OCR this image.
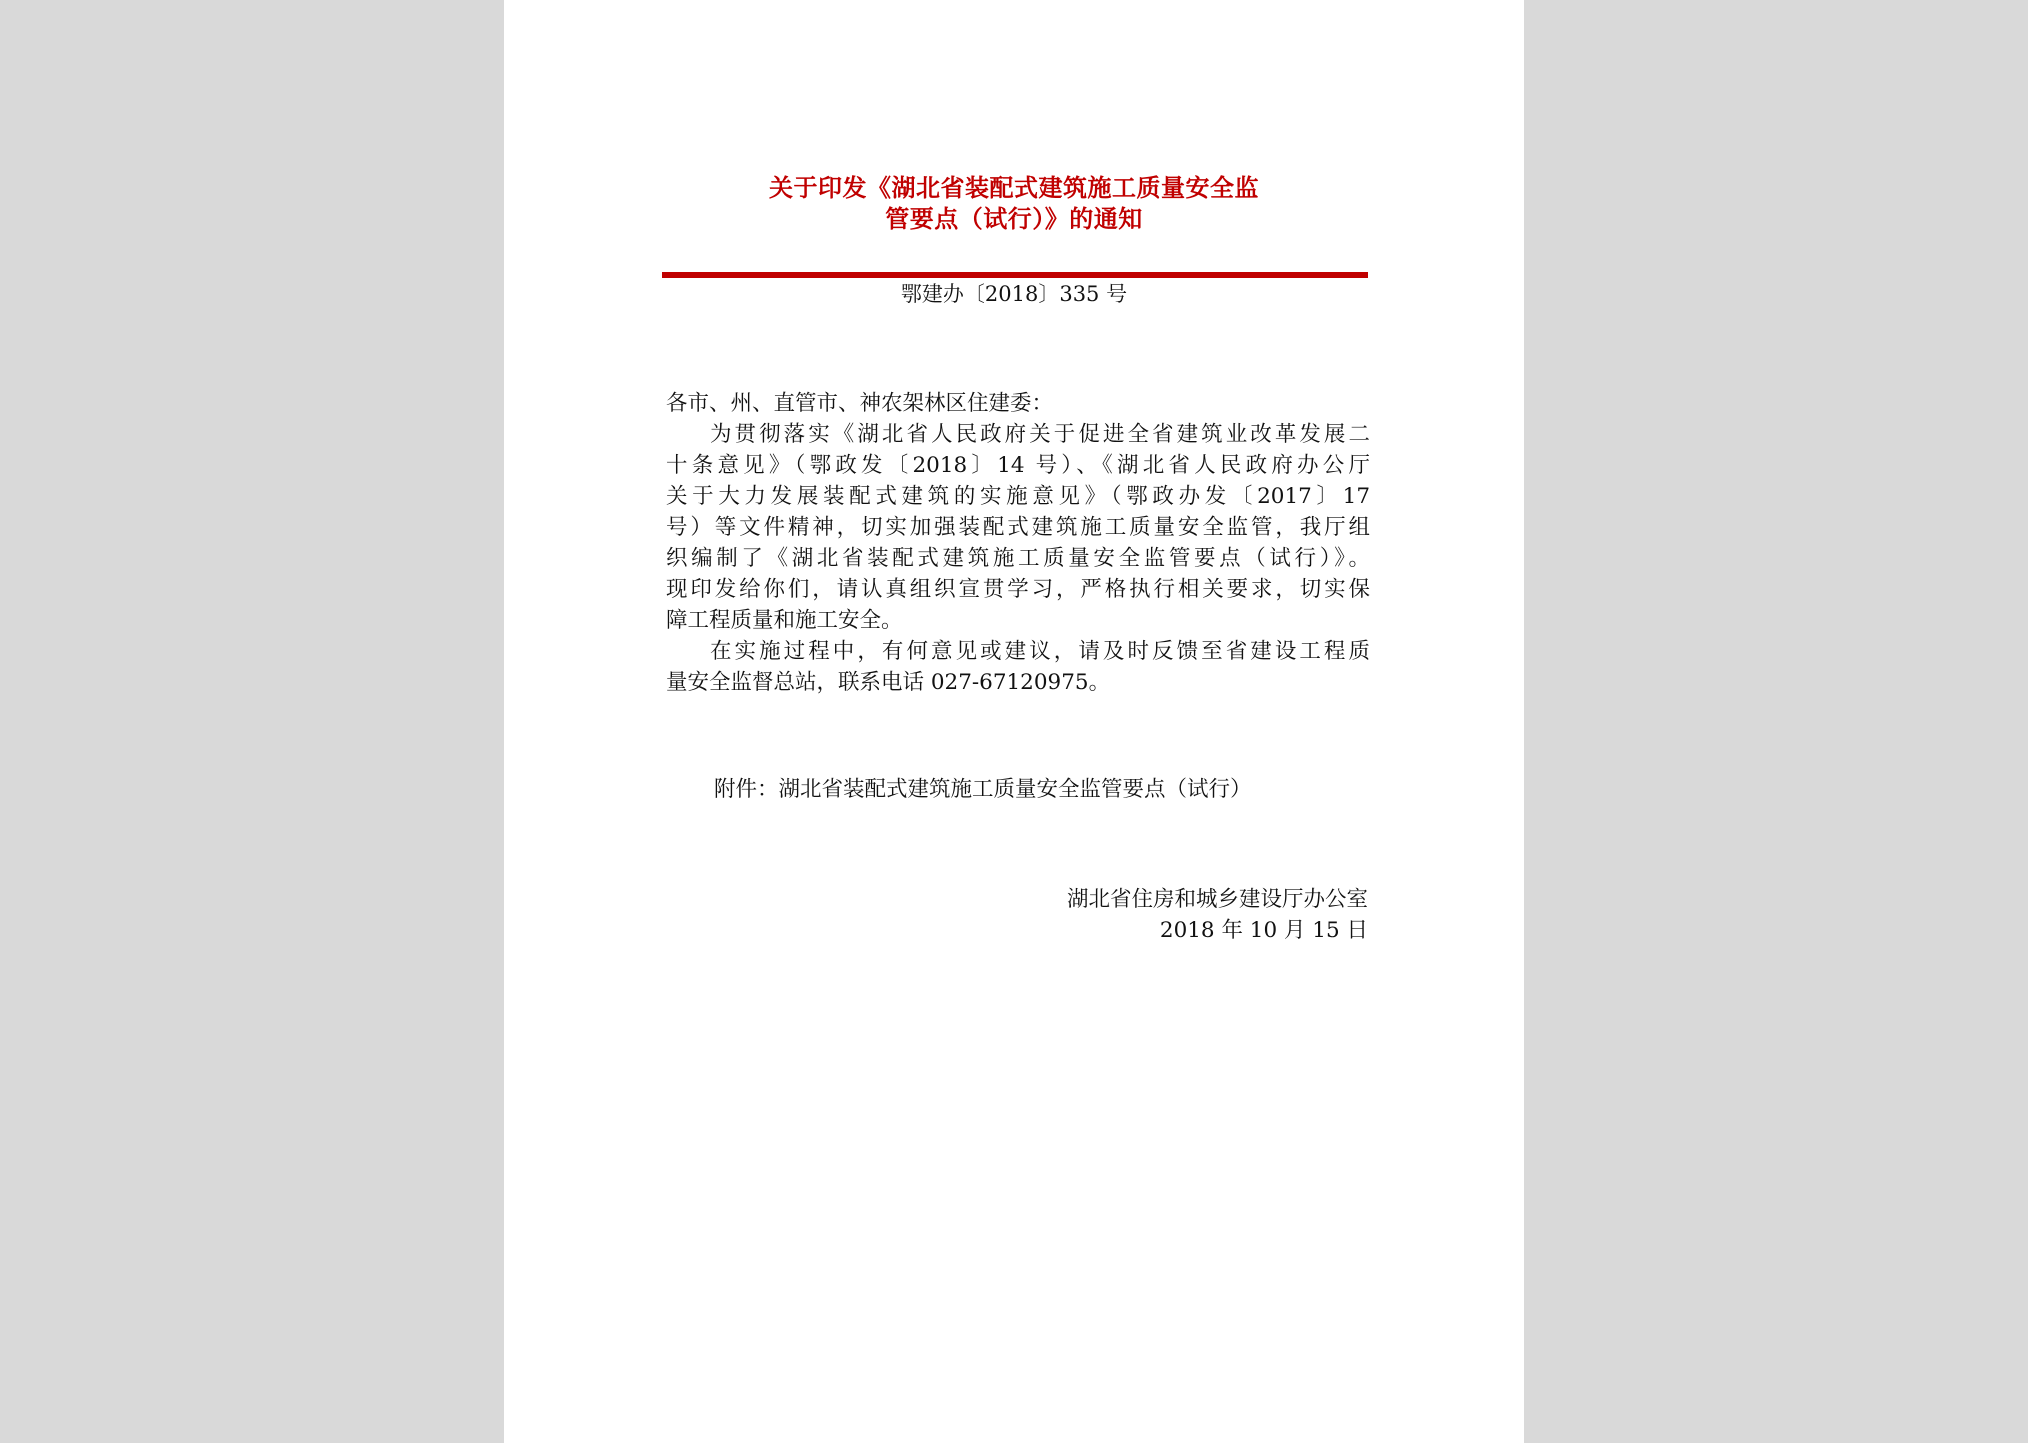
关于印发《湖北省装配式建筑施工质量安全监
管要点（试行）》的通知
鄂建办〔2018〕335 号
各市、州、直管市、神农架林区住建委：
为贯彻落实《湖北省人民政府关于促进全省建筑业改革发展二
十条意见》（鄂政发〔2018〕14 号）、《湖北省人民政府办公厅
关于大力发展装配式建筑的实施意见》（鄂政办发〔2017〕17
号）等文件精神，切实加强装配式建筑施工质量安全监管，我厅组
织编制了《湖北省装配式建筑施工质量安全监管要点（试行）》。
现印发给你们，请认真组织宣贯学习，严格执行相关要求，切实保
障工程质量和施工安全。
在实施过程中，有何意见或建议，请及时反馈至省建设工程质
量安全监督总站，联系电话 027-67120975。
附件：湖北省装配式建筑施工质量安全监管要点（试行）
湖北省住房和城乡建设厅办公室
2018 年 10 月 15 日
